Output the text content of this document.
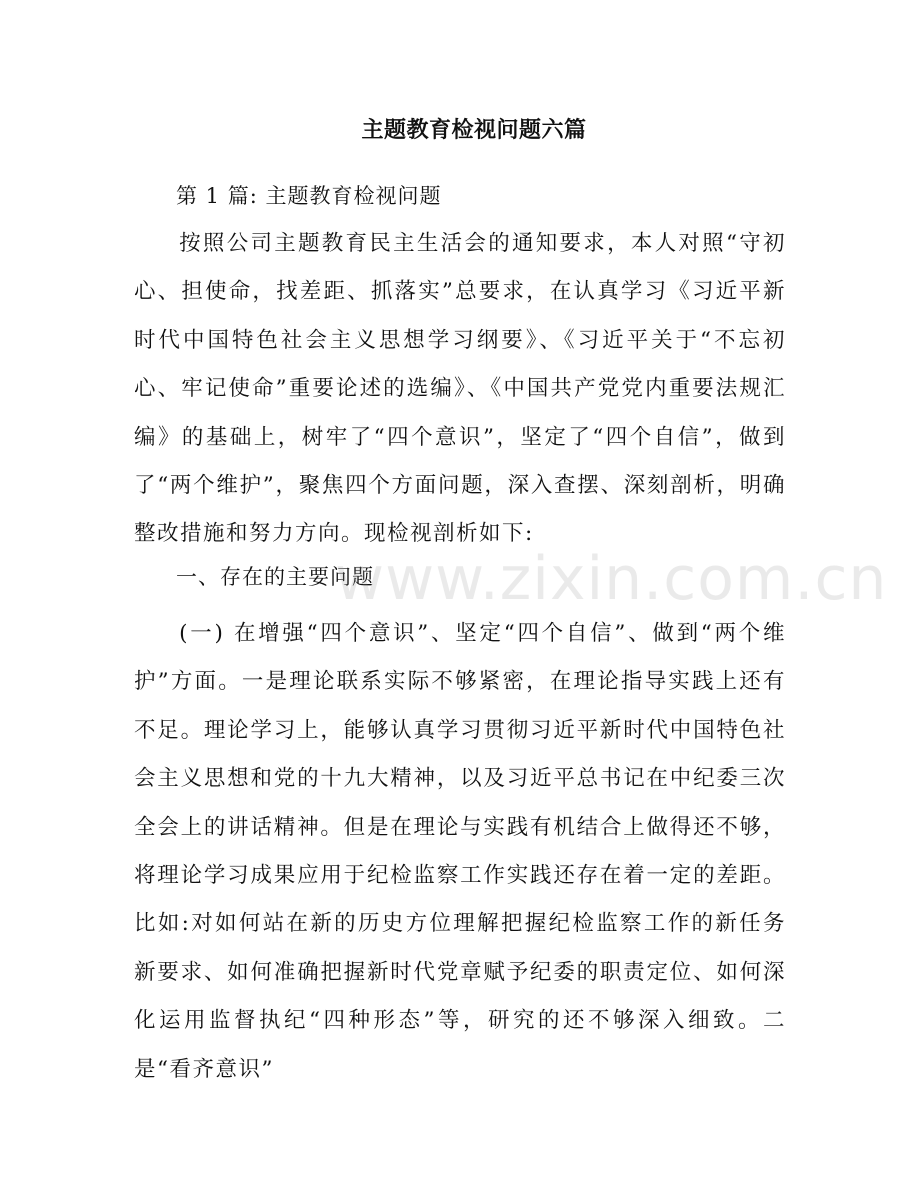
主题教育检视问题六篇

第 1 篇: 主题教育检视问题

按照公司主题教育民主生活会的通知要求，本人对照“守初心、担使命，找差距、抓落实”总要求，在认真学习《习近平新时代中国特色社会主义思想学习纲要》、《习近平关于“不忘初心、牢记使命”重要论述的选编》、《中国共产党党内重要法规汇编》的基础上，树牢了“四个意识”，坚定了“四个自信”，做到了“两个维护”，聚焦四个方面问题，深入查摆、深刻剖析，明确整改措施和努力方向。现检视剖析如下:

一、存在的主要问题

(一) 在增强“四个意识”、坚定“四个自信”、做到“两个维护”方面。一是理论联系实际不够紧密，在理论指导实践上还有不足。理论学习上，能够认真学习贯彻习近平新时代中国特色社会主义思想和党的十九大精神，以及习近平总书记在中纪委三次全会上的讲话精神。但是在理论与实践有机结合上做得还不够，将理论学习成果应用于纪检监察工作实践还存在着一定的差距。比如:对如何站在新的历史方位理解把握纪检监察工作的新任务新要求、如何准确把握新时代党章赋予纪委的职责定位、如何深化运用监督执纪“四种形态”等，研究的还不够深入细致。二是“看齐意识”

www.zixin.com.cn
